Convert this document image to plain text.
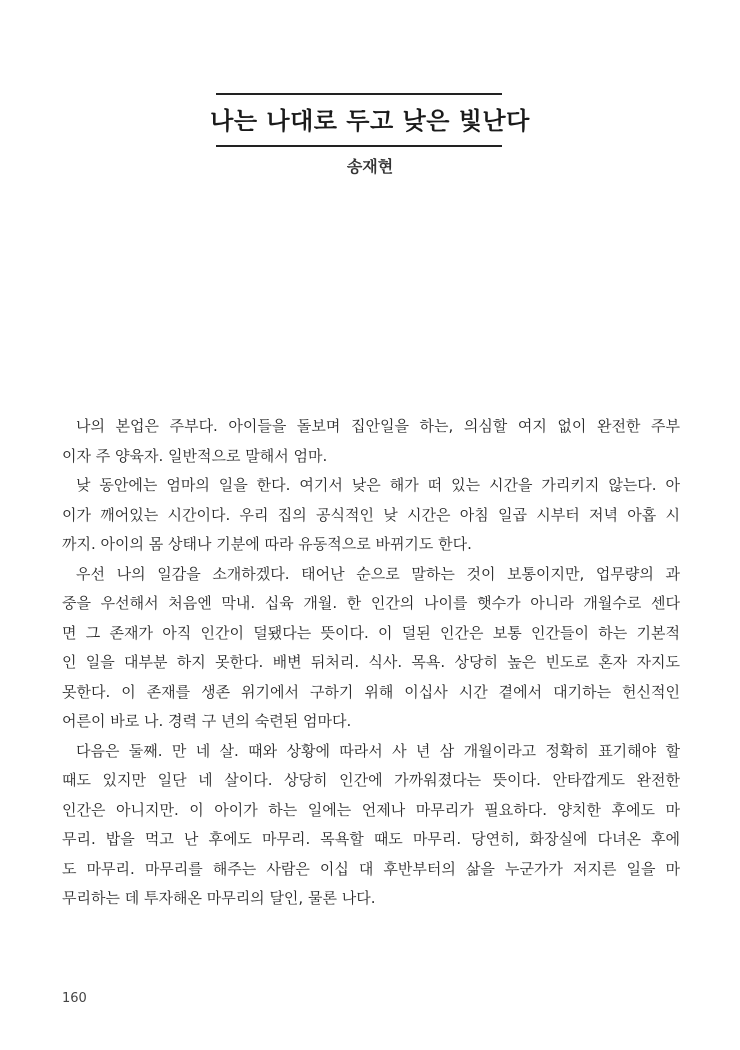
나는 나대로 두고 낮은 빛난다
송재현
나의 본업은 주부다. 아이들을 돌보며 집안일을 하는, 의심할 여지 없이 완전한 주부
이자 주 양육자. 일반적으로 말해서 엄마.
낮 동안에는 엄마의 일을 한다. 여기서 낮은 해가 떠 있는 시간을 가리키지 않는다. 아
이가 깨어있는 시간이다. 우리 집의 공식적인 낮 시간은 아침 일곱 시부터 저녁 아홉 시
까지. 아이의 몸 상태나 기분에 따라 유동적으로 바뀌기도 한다.
우선 나의 일감을 소개하겠다. 태어난 순으로 말하는 것이 보통이지만, 업무량의 과
중을 우선해서 처음엔 막내. 십육 개월. 한 인간의 나이를 햇수가 아니라 개월수로 센다
면 그 존재가 아직 인간이 덜됐다는 뜻이다. 이 덜된 인간은 보통 인간들이 하는 기본적
인 일을 대부분 하지 못한다. 배변 뒤처리. 식사. 목욕. 상당히 높은 빈도로 혼자 자지도
못한다. 이 존재를 생존 위기에서 구하기 위해 이십사 시간 곁에서 대기하는 헌신적인
어른이 바로 나. 경력 구 년의 숙련된 엄마다.
다음은 둘째. 만 네 살. 때와 상황에 따라서 사 년 삼 개월이라고 정확히 표기해야 할
때도 있지만 일단 네 살이다. 상당히 인간에 가까워졌다는 뜻이다. 안타깝게도 완전한
인간은 아니지만. 이 아이가 하는 일에는 언제나 마무리가 필요하다. 양치한 후에도 마
무리. 밥을 먹고 난 후에도 마무리. 목욕할 때도 마무리. 당연히, 화장실에 다녀온 후에
도 마무리. 마무리를 해주는 사람은 이십 대 후반부터의 삶을 누군가가 저지른 일을 마
무리하는 데 투자해온 마무리의 달인, 물론 나다.
160
